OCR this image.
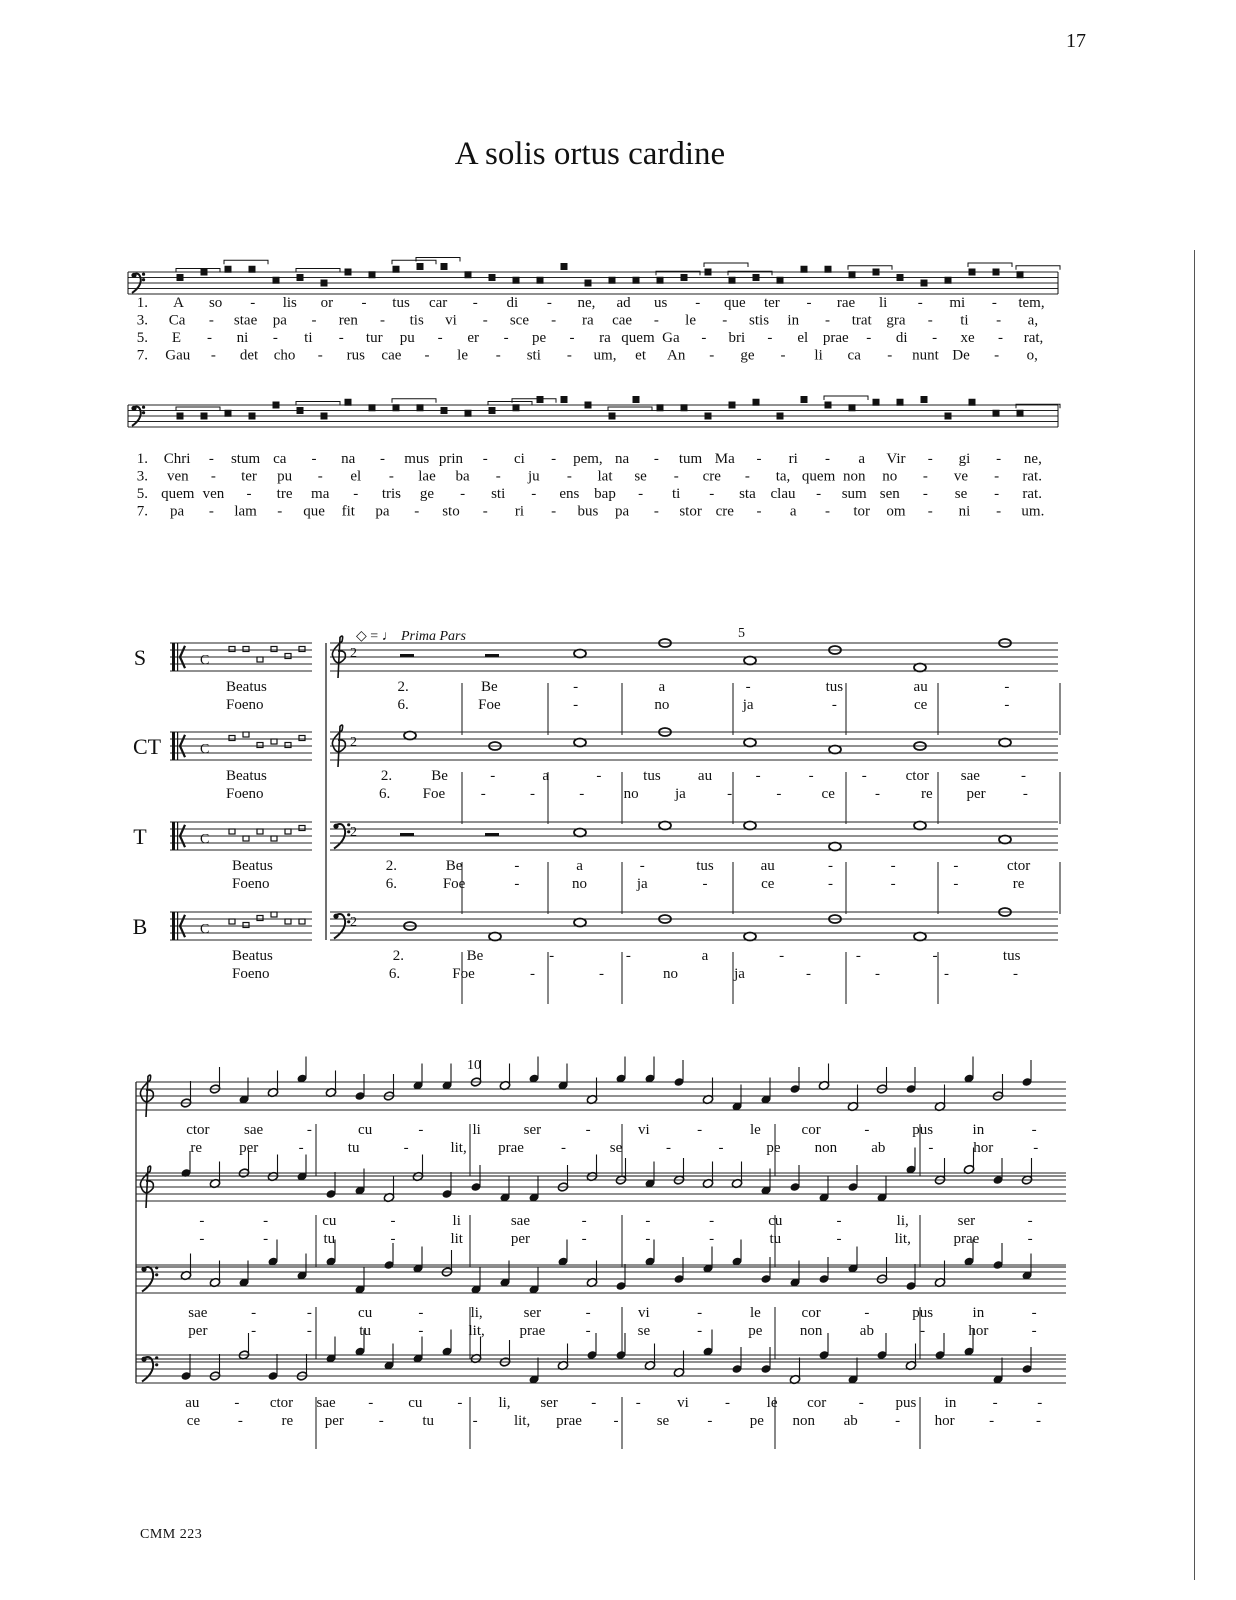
17
A solis ortus cardine
1. A so - lis or - tus car - di - ne, ad us - que ter - rae li - mi - tem,
3. Ca - stae pa - ren - tis vi - sce - ra cae - le - stis in - trat gra - ti - a,
5. E - ni - ti - tur pu - er - pe - ra quem Ga - bri - el prae - di - xe - rat,
7. Gau - det cho - rus cae - le - sti - um, et An - ge - li ca - nunt De - o,
1. Chri - stum ca - na - mus prin - ci - pem, na - tum Ma - ri - a Vir - gi - ne,
3. ven - ter pu - el - lae ba - ju - lat se - cre - ta, quem non no - ve - rat.
5. quem ven - tre ma - tris ge - sti - ens bap - ti - sta clau - sum sen - se - rat.
7. pa - lam - que fit pa - sto - ri - bus pa - stor cre - a - tor om - ni - um.
◇ = ♩ Prima Pars	5
S	C
Beatus
Foeno
2
2.	Be	-	a	-	tus	au	-
6.	Foe	-	no	ja	-	ce	-
CT	C
Beatus
Foeno
2
2.	Be	-	a	-	tus au	-	-	-	ctor sae	-
6. Foe -	-	-	no ja	-	-	ce	-	re per -
T	C
Beatus
Foeno
2
2.	Be	-	a	-	tus	au	-	-	-	ctor
6.	Foe	-	no	ja	-	ce	-	-	-	re
B	C
Beatus
Foeno
2
2.	Be	-	-	a	-	-	-	tus
6.	Foe	-	-	no	ja	-	-	-	-
10
ctor sae	-	cu	-	li	ser	-	vi	-	le	cor	-	pus	in	-
re per	-	tu	-	lit, prae -	se	-	-	pe non ab	-	hor	-
-	-	cu	-	li	sae	-	-	-	cu	-	li,	ser	-
-	-	tu	-	lit	per	-	-	-	tu	-	lit,	prae	-
sae	-	-	cu	-	li,	ser	-	vi	-	le	cor	-	pus	in	-
per	-	-	tu	-	lit, prae	-	se	-	pe non ab	-	hor	-
au - ctor sae - cu - li, ser -	- vi - le cor - pus in -	-
ce	-	re per -	tu	- lit, prae -	se	- pe non ab - hor -	-
CMM 223
